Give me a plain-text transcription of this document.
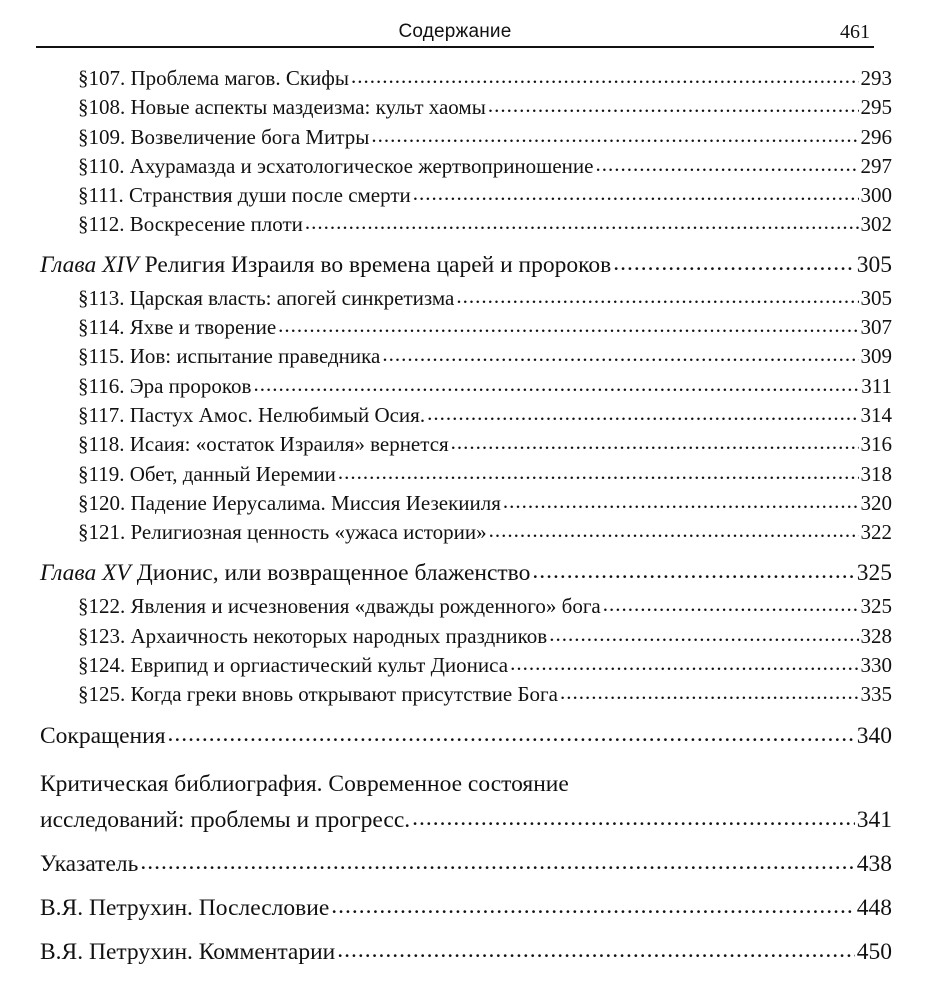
Содержание	461
§107. Проблема магов. Скифы .....	293
§108. Новые аспекты маздеизма: культ хаомы .....	295
§109. Возвеличение бога Митры .....	296
§110. Ахурамазда и эсхатологическое жертвоприношение .....	297
§111. Странствия души после смерти .....	300
§112. Воскресение плоти .....	302
Глава XIV Религия Израиля во времена царей и пророков .....	305
§113. Царская власть: апогей синкретизма .....	305
§114. Яхве и творение .....	307
§115. Иов: испытание праведника .....	309
§116. Эра пророков .....	311
§117. Пастух Амос. Нелюбимый Осия. .....	314
§118. Исаия: «остаток Израиля» вернется .....	316
§119. Обет, данный Иеремии .....	318
§120. Падение Иерусалима. Миссия Иезекииля .....	320
§121. Религиозная ценность «ужаса истории» .....	322
Глава XV Дионис, или возвращенное блаженство .....	325
§122. Явления и исчезновения «дважды рожденного» бога .....	325
§123. Архаичность некоторых народных праздников .....	328
§124. Еврипид и оргиастический культ Диониса .....	330
§125. Когда греки вновь открывают присутствие Бога .....	335
Сокращения .....	340
Критическая библиография. Современное состояние
исследований: проблемы и прогресс. .....	341
Указатель .....	438
В.Я. Петрухин. Послесловие .....	448
В.Я. Петрухин. Комментарии .....	450
